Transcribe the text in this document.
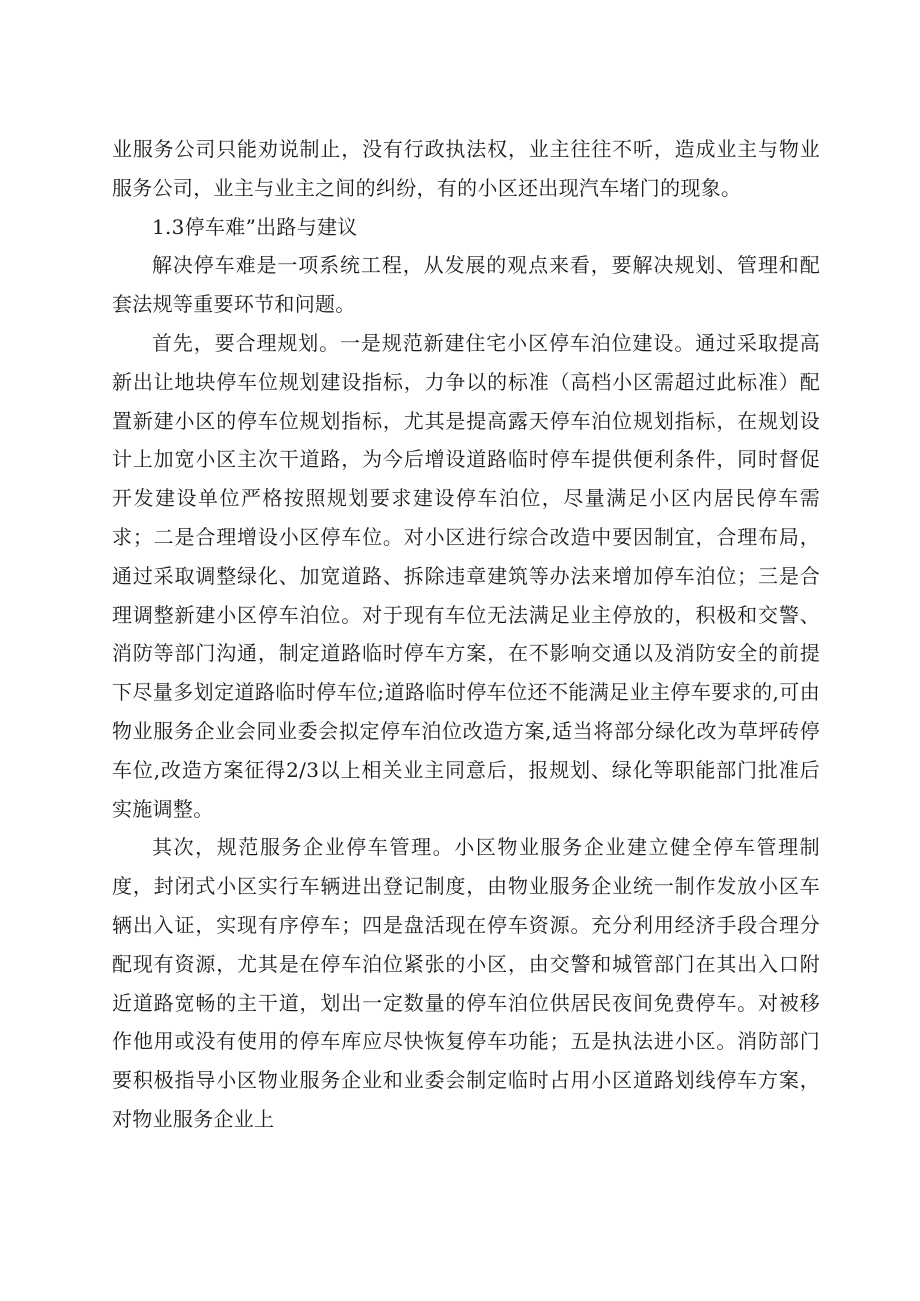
业服务公司只能劝说制止，没有行政执法权，业主往往不听，造成业主与物业服务公司，业主与业主之间的纠纷，有的小区还出现汽车堵门的现象。

1.3停车难”出路与建议

解决停车难是一项系统工程，从发展的观点来看，要解决规划、管理和配套法规等重要环节和问题。

首先，要合理规划。一是规范新建住宅小区停车泊位建设。通过采取提高新出让地块停车位规划建设指标，力争以的标准（高档小区需超过此标准）配置新建小区的停车位规划指标，尤其是提高露天停车泊位规划指标，在规划设计上加宽小区主次干道路，为今后增设道路临时停车提供便利条件，同时督促开发建设单位严格按照规划要求建设停车泊位，尽量满足小区内居民停车需求；二是合理增设小区停车位。对小区进行综合改造中要因制宜，合理布局，通过采取调整绿化、加宽道路、拆除违章建筑等办法来增加停车泊位；三是合理调整新建小区停车泊位。对于现有车位无法满足业主停放的，积极和交警、消防等部门沟通，制定道路临时停车方案，在不影响交通以及消防安全的前提下尽量多划定道路临时停车位;道路临时停车位还不能满足业主停车要求的,可由物业服务企业会同业委会拟定停车泊位改造方案,适当将部分绿化改为草坪砖停车位,改造方案征得2/3以上相关业主同意后，报规划、绿化等职能部门批准后实施调整。

其次，规范服务企业停车管理。小区物业服务企业建立健全停车管理制度，封闭式小区实行车辆进出登记制度，由物业服务企业统一制作发放小区车辆出入证，实现有序停车；四是盘活现在停车资源。充分利用经济手段合理分配现有资源，尤其是在停车泊位紧张的小区，由交警和城管部门在其出入口附近道路宽畅的主干道，划出一定数量的停车泊位供居民夜间免费停车。对被移作他用或没有使用的停车库应尽快恢复停车功能；五是执法进小区。消防部门要积极指导小区物业服务企业和业委会制定临时占用小区道路划线停车方案，对物业服务企业上
